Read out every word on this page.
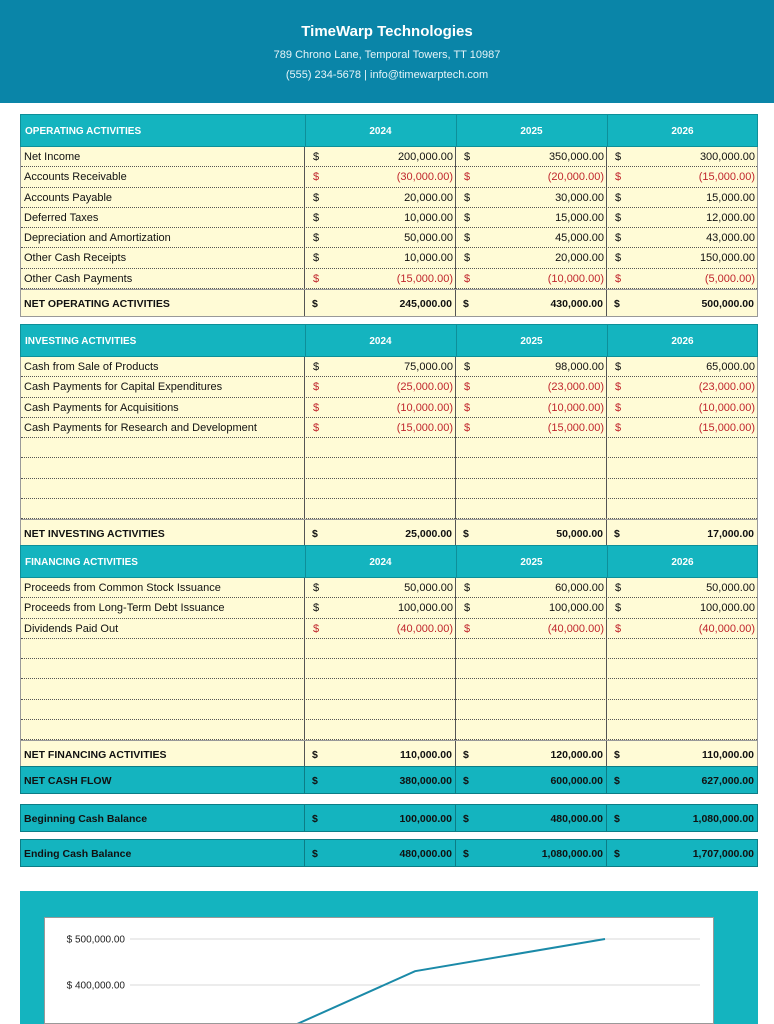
TimeWarp Technologies
789 Chrono Lane, Temporal Towers, TT 10987
(555) 234-5678 | info@timewarptech.com
OPERATING ACTIVITIES	2024	2025	2026
Net Income	$	200,000.00 $	350,000.00 $	300,000.00
Accounts Receivable	$	(30,000.00) $	(20,000.00) $	(15,000.00)
Accounts Payable	$	20,000.00 $	30,000.00 $	15,000.00
Deferred Taxes	$	10,000.00 $	15,000.00 $	12,000.00
Depreciation and Amortization	$	50,000.00 $	45,000.00 $	43,000.00
Other Cash Receipts	$	10,000.00 $	20,000.00 $	150,000.00
Other Cash Payments	$	(15,000.00) $	(10,000.00) $	(5,000.00)
NET OPERATING ACTIVITIES	$	245,000.00 $	430,000.00 $	500,000.00
INVESTING ACTIVITIES	2024	2025	2026
Cash from Sale of Products	$	75,000.00 $	98,000.00 $	65,000.00
Cash Payments for Capital Expenditures	$	(25,000.00) $	(23,000.00) $	(23,000.00)
Cash Payments for Acquisitions	$	(10,000.00) $	(10,000.00) $	(10,000.00)
Cash Payments for Research and Development	$	(15,000.00) $	(15,000.00) $	(15,000.00)
NET INVESTING ACTIVITIES	$	25,000.00 $	50,000.00 $	17,000.00
FINANCING ACTIVITIES	2024	2025	2026
Proceeds from Common Stock Issuance	$	50,000.00 $	60,000.00 $	50,000.00
Proceeds from Long-Term Debt Issuance	$	100,000.00 $	100,000.00 $	100,000.00
Dividends Paid Out	$	(40,000.00) $	(40,000.00) $	(40,000.00)
NET FINANCING ACTIVITIES	$	110,000.00 $	120,000.00 $	110,000.00
$ 500,000.00
$ 400,000.00
NET CASH FLOW	$	380,000.00 $	600,000.00 $	627,000.00
Beginning Cash Balance	$	100,000.00 $	480,000.00 $	1,080,000.00
Ending Cash Balance	$	480,000.00 $	1,080,000.00 $	1,707,000.00
